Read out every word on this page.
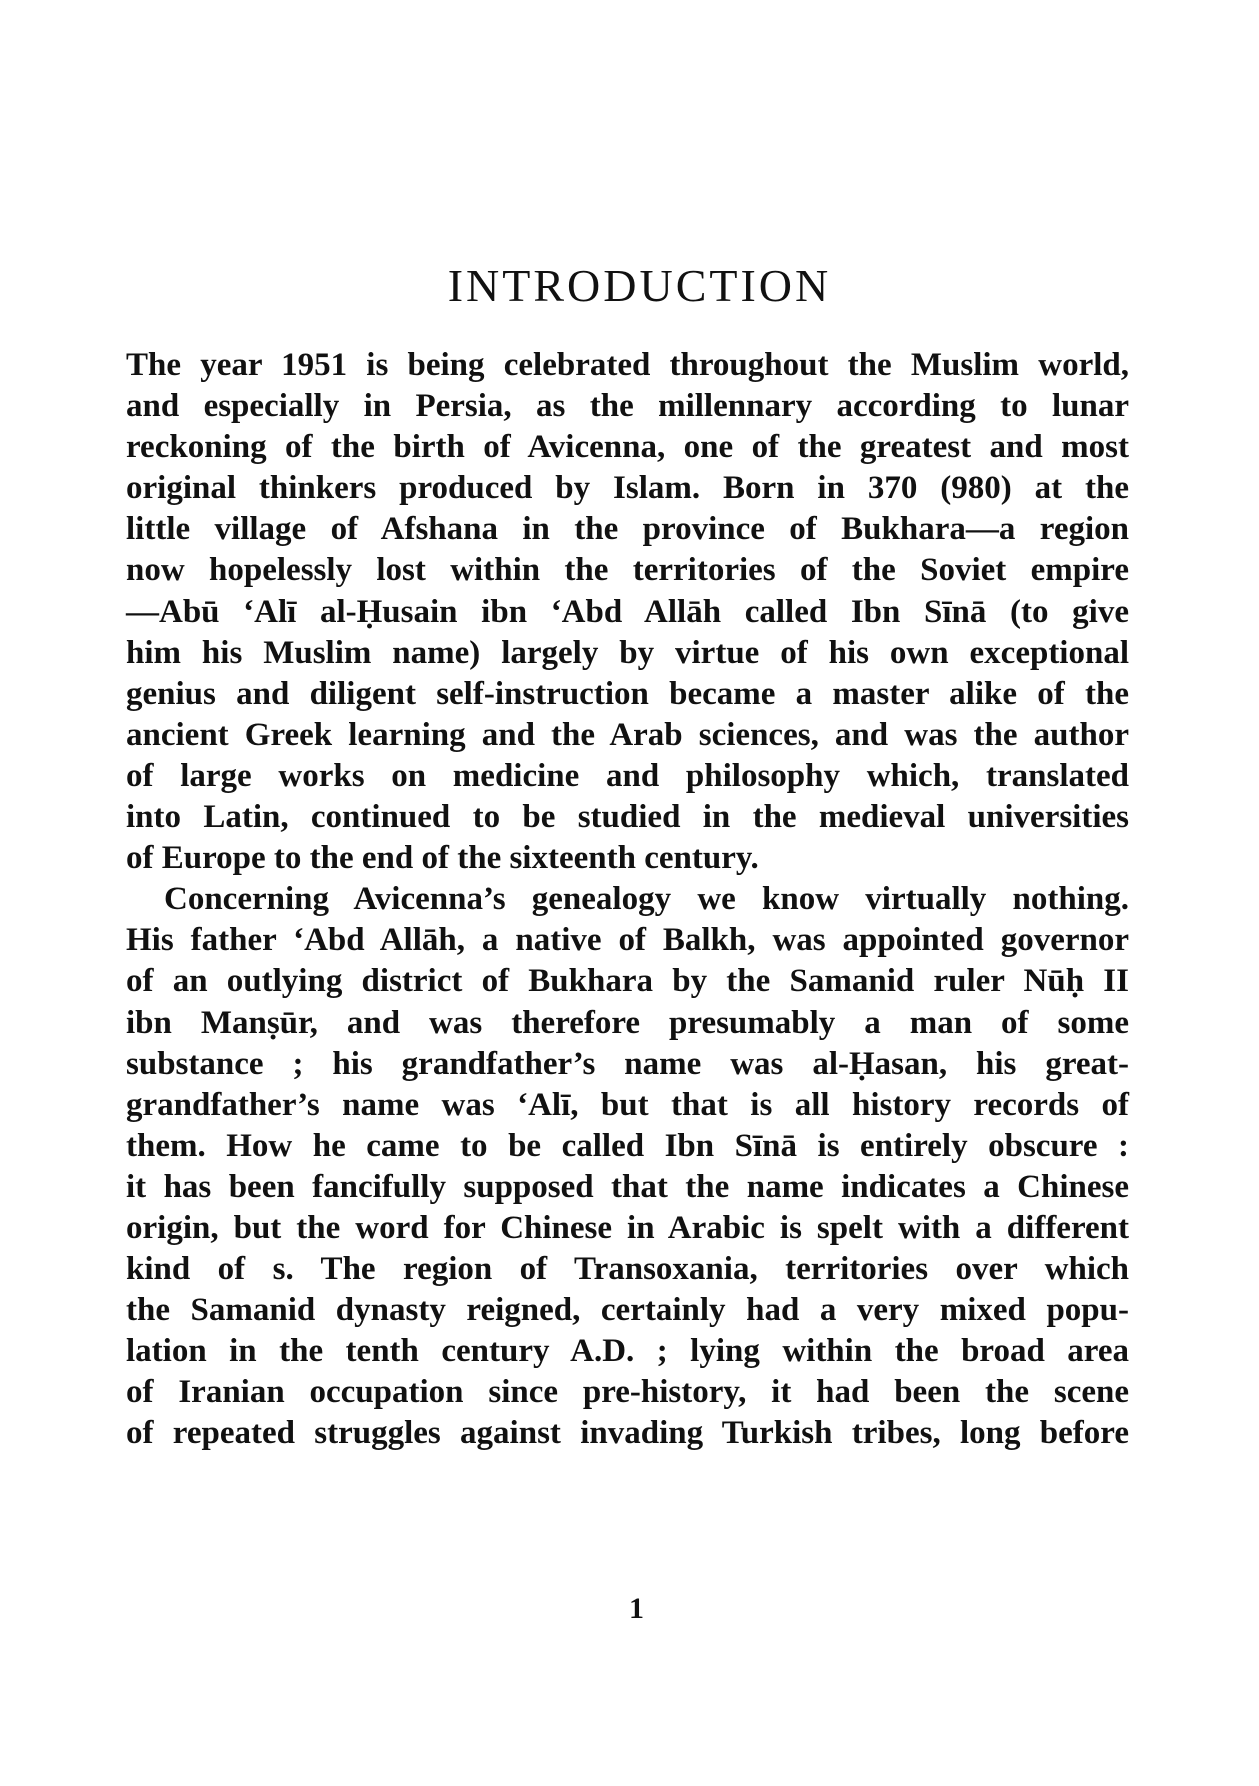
INTRODUCTION
The year 1951 is being celebrated throughout the Muslim world,
and especially in Persia, as the millennary according to lunar
reckoning of the birth of Avicenna, one of the greatest and most
original thinkers produced by Islam. Born in 370 (980) at the
little village of Afshana in the province of Bukhara—a region
now hopelessly lost within the territories of the Soviet empire
—Abū ʻAlī al-Ḥusain ibn ʻAbd Allāh called Ibn Sīnā (to give
him his Muslim name) largely by virtue of his own exceptional
genius and diligent self-instruction became a master alike of the
ancient Greek learning and the Arab sciences, and was the author
of large works on medicine and philosophy which, translated
into Latin, continued to be studied in the medieval universities
of Europe to the end of the sixteenth century.
Concerning Avicenna’s genealogy we know virtually nothing.
His father ʻAbd Allāh, a native of Balkh, was appointed governor
of an outlying district of Bukhara by the Samanid ruler Nūḥ II
ibn Manṣūr, and was therefore presumably a man of some
substance ; his grandfather’s name was al-Ḥasan, his great-
grandfather’s name was ʻAlī, but that is all history records of
them. How he came to be called Ibn Sīnā is entirely obscure :
it has been fancifully supposed that the name indicates a Chinese
origin, but the word for Chinese in Arabic is spelt with a different
kind of s. The region of Transoxania, territories over which
the Samanid dynasty reigned, certainly had a very mixed popu-
lation in the tenth century A.D. ; lying within the broad area
of Iranian occupation since pre-history, it had been the scene
of repeated struggles against invading Turkish tribes, long before
1
